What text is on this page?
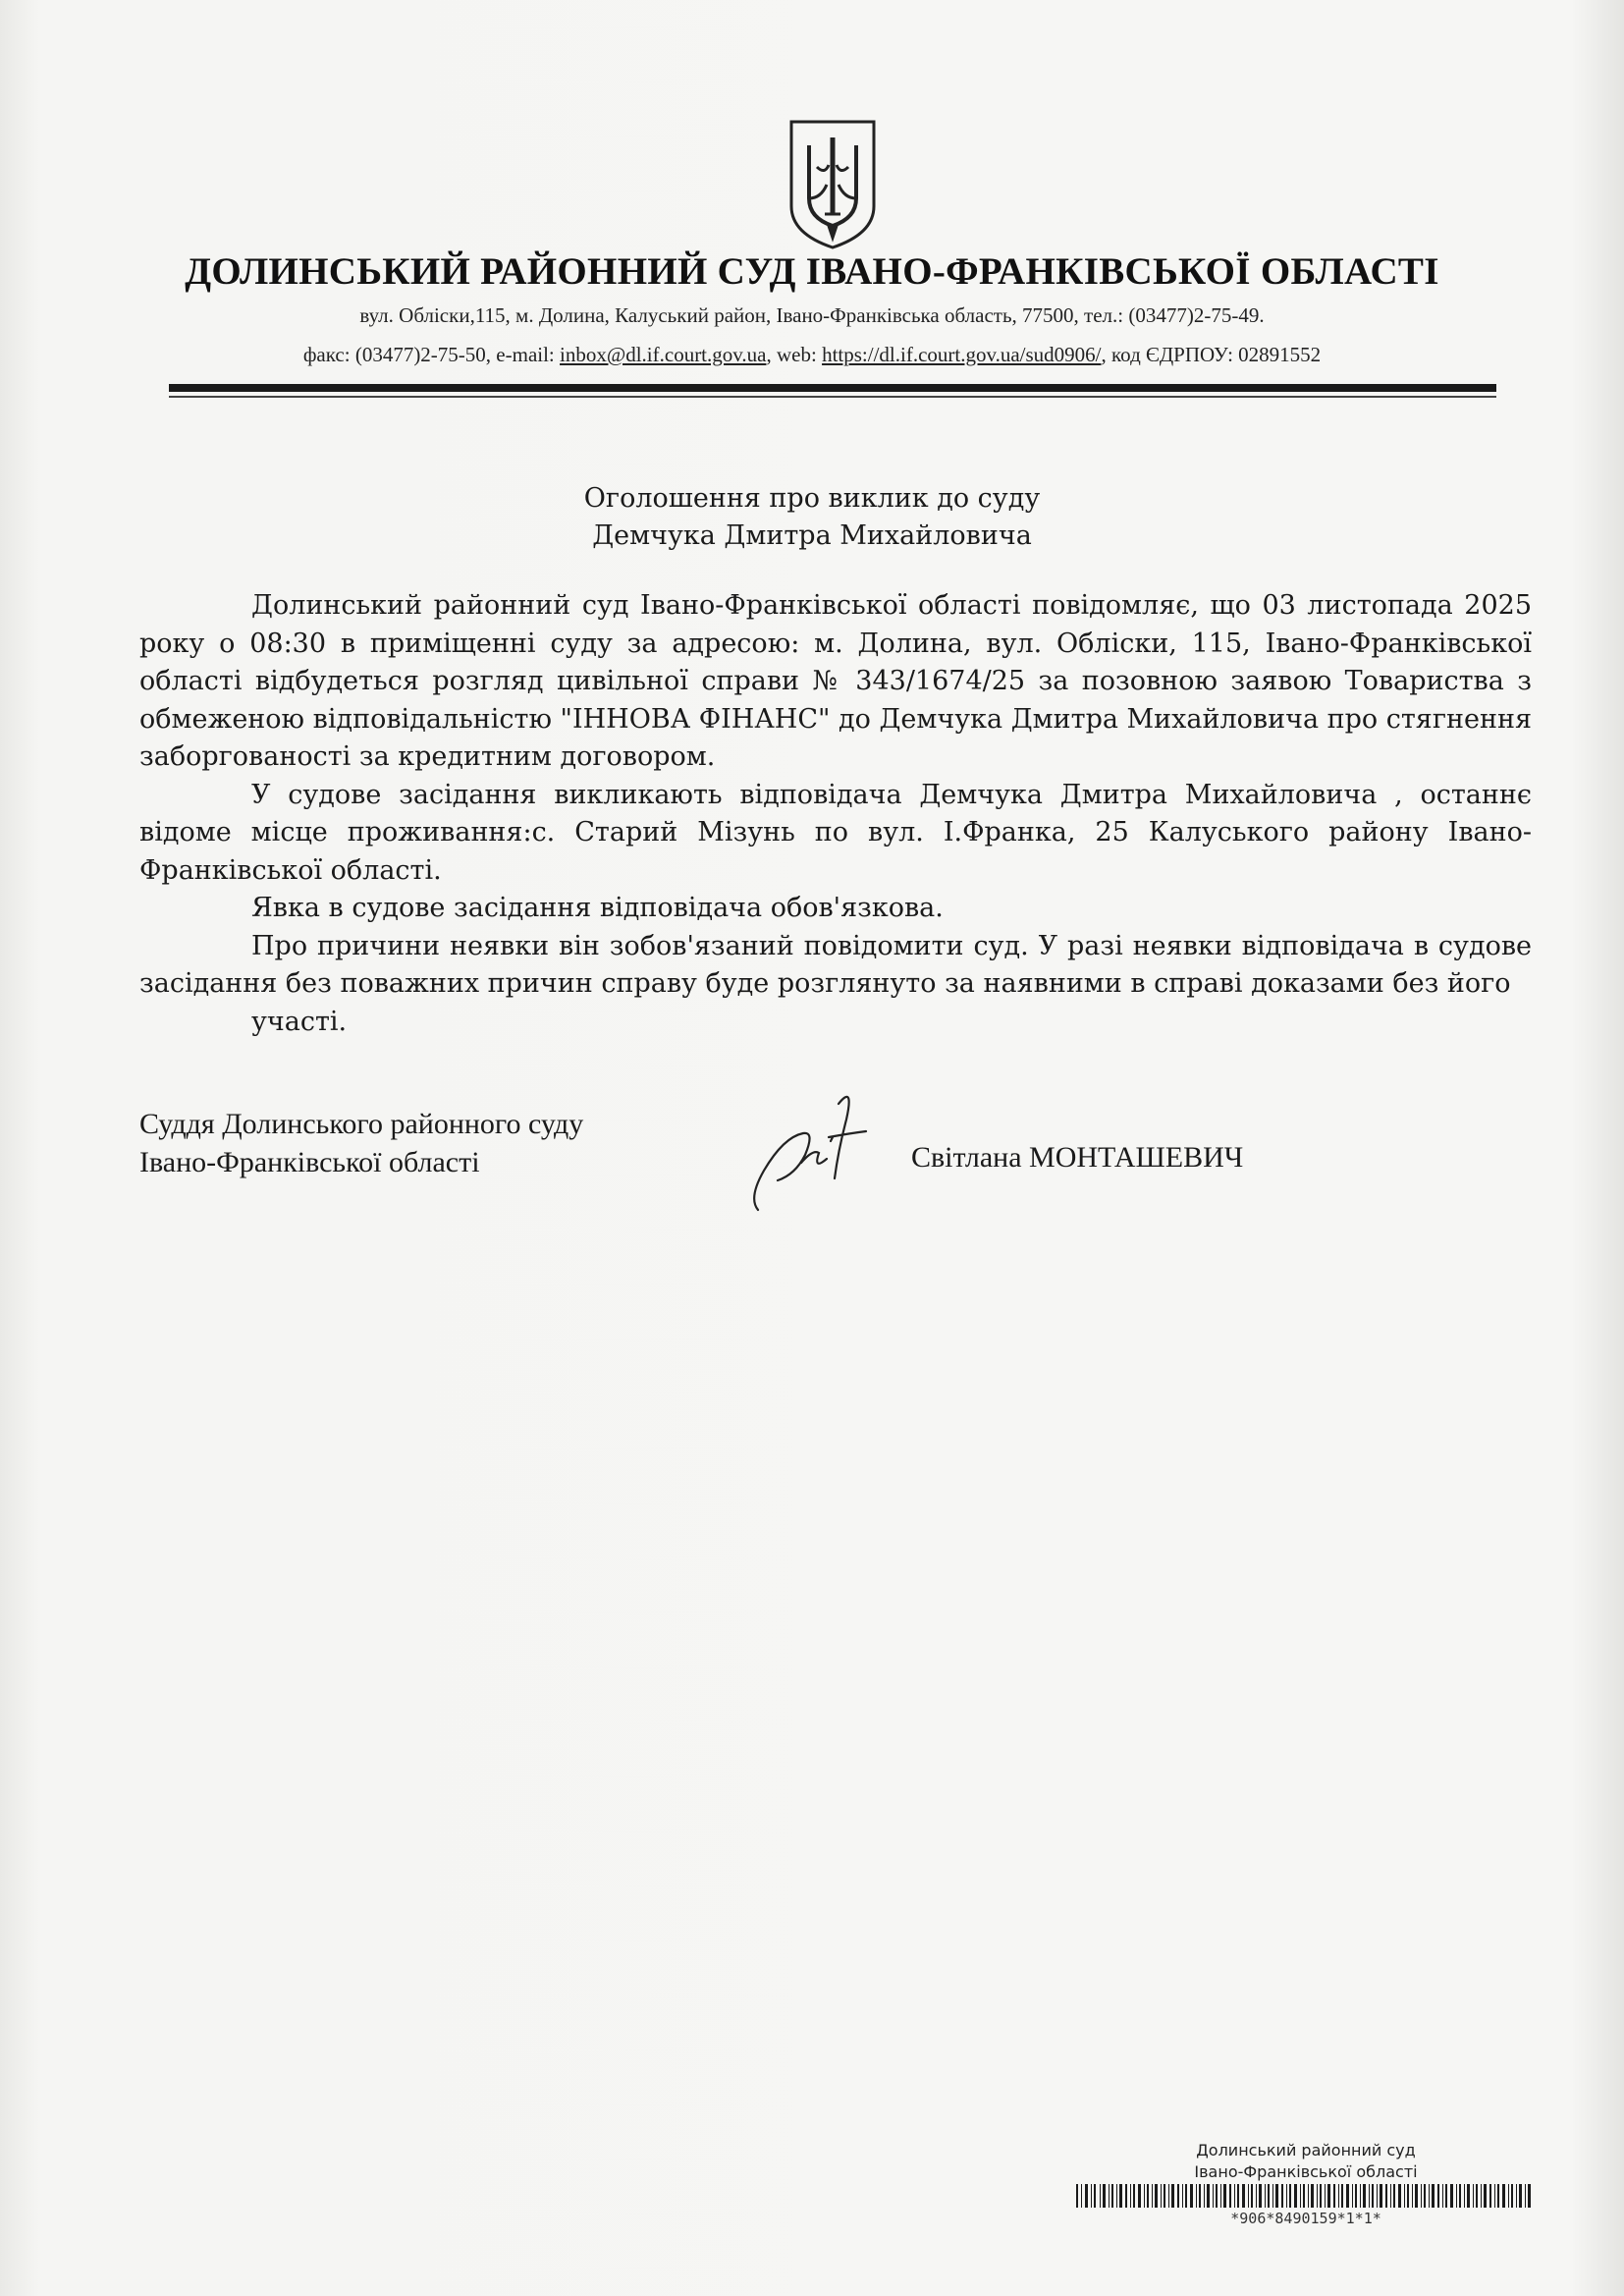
ДОЛИНСЬКИЙ РАЙОННИЙ СУД ІВАНО-ФРАНКІВСЬКОЇ ОБЛАСТІ
вул. Обліски,115, м. Долина, Калуський район, Івано-Франківська область, 77500, тел.: (03477)2-75-49.
факс: (03477)2-75-50, e-mail: inbox@dl.if.court.gov.ua, web: https://dl.if.court.gov.ua/sud0906/, код ЄДРПОУ: 02891552
Оголошення про виклик до суду
Демчука Дмитра Михайловича

Долинський районний суд Івано-Франківської області повідомляє, що 03 листопада 2025 року о 08:30 в приміщенні суду за адресою: м. Долина, вул. Обліски, 115, Івано-Франківської області відбудеться розгляд цивільної справи № 343/1674/25 за позовною заявою Товариства з обмеженою відповідальністю "ІННОВА ФІНАНС" до Демчука Дмитра Михайловича про стягнення заборгованості за кредитним договором.

У судове засідання викликають відповідача Демчука Дмитра Михайловича , останнє відоме місце проживання:с. Старий Мізунь по вул. І.Франка, 25 Калуського району Івано-Франківської області.

Явка в судове засідання відповідача обов'язкова.

Про причини неявки він зобов'язаний повідомити суд. У разі неявки відповідача в судове засідання без поважних причин справу буде розглянуто за наявними в справі доказами без його

участі.

Суддя Долинського районного суду
Івано-Франківської області	Світлана МОНТАШЕВИЧ
Долинський районний суд
Івано-Франківської області
*906*8490159*1*1*
